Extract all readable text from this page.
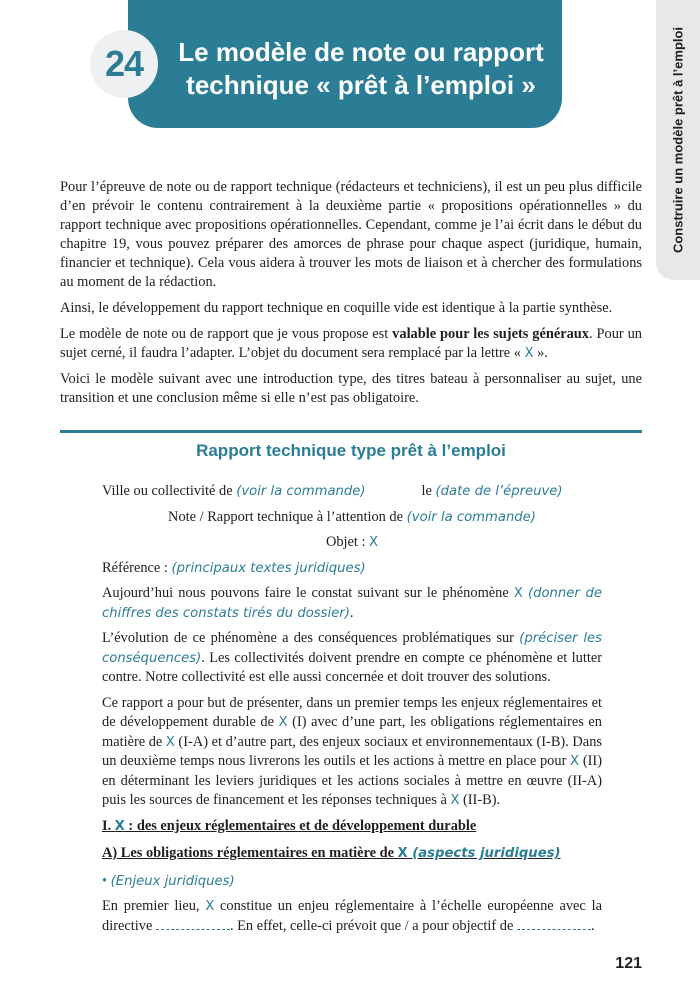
24	Le modèle de note ou rapport technique « prêt à l’emploi »	Construire un modèle prêt à l’emploi

Pour l’épreuve de note ou de rapport technique (rédacteurs et techniciens), il est un peu plus difficile d’en prévoir le contenu contrairement à la deuxième partie « propositions opérationnelles » du rapport technique avec propositions opérationnelles. Cependant, comme je l’ai écrit dans le début du chapitre 19, vous pouvez préparer des amorces de phrase pour chaque aspect (juridique, humain, financier et technique). Cela vous aidera à trouver les mots de liaison et à chercher des formulations au moment de la rédaction.

Ainsi, le développement du rapport technique en coquille vide est identique à la partie synthèse.

Le modèle de note ou de rapport que je vous propose est valable pour les sujets généraux. Pour un sujet cerné, il faudra l’adapter. L’objet du document sera remplacé par la lettre « X ».

Voici le modèle suivant avec une introduction type, des titres bateau à personnaliser au sujet, une transition et une conclusion même si elle n’est pas obligatoire.

Rapport technique type prêt à l’emploi
Ville ou collectivité de (voir la commande)	le (date de l’épreuve)
Note / Rapport technique à l’attention de (voir la commande)
Objet : X

Référence : (principaux textes juridiques)

Aujourd’hui nous pouvons faire le constat suivant sur le phénomène X (donner de chiffres des constats tirés du dossier).

L’évolution de ce phénomène a des conséquences problématiques sur (préciser les conséquences). Les collectivités doivent prendre en compte ce phénomène et lutter contre. Notre collectivité est elle aussi concernée et doit trouver des solutions.

Ce rapport a pour but de présenter, dans un premier temps les enjeux réglementaires et de développement durable de X (I) avec d’une part, les obligations réglementaires en matière de X (I-A) et d’autre part, des enjeux sociaux et environnementaux (I-B). Dans un deuxième temps nous livrerons les outils et les actions à mettre en place pour X (II) en déterminant les leviers juridiques et les actions sociales à mettre en œuvre (II-A) puis les sources de financement et les réponses techniques à X (II-B).

I. X : des enjeux réglementaires et de développement durable
A) Les obligations réglementaires en matière de X (aspects juridiques)

• (Enjeux juridiques)

En premier lieu, X constitue un enjeu réglementaire à l’échelle européenne avec la directive	. En effet, celle-ci prévoit que / a pour objectif de	.

121
